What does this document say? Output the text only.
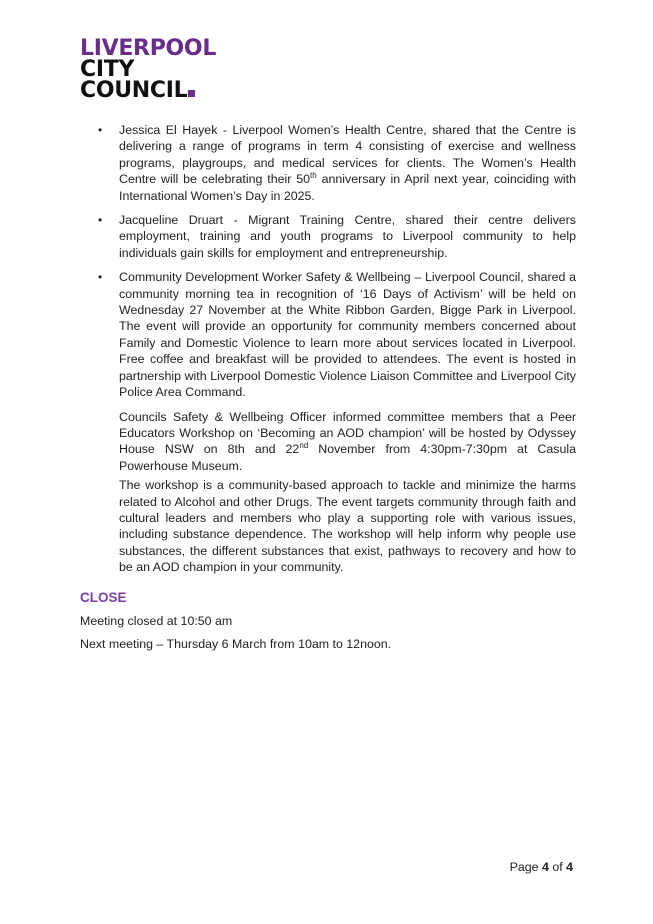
LIVERPOOL
CITY
COUNCIL
• Jessica El Hayek - Liverpool Women’s Health Centre, shared that the Centre is delivering a range of programs in term 4 consisting of exercise and wellness programs, playgroups, and medical services for clients. The Women’s Health Centre will be celebrating their 50th anniversary in April next year, coinciding with International Women’s Day in 2025.
• Jacqueline Druart - Migrant Training Centre, shared their centre delivers employment, training and youth programs to Liverpool community to help individuals gain skills for employment and entrepreneurship.
• Community Development Worker Safety & Wellbeing – Liverpool Council, shared a community morning tea in recognition of ‘16 Days of Activism’ will be held on Wednesday 27 November at the White Ribbon Garden, Bigge Park in Liverpool. The event will provide an opportunity for community members concerned about Family and Domestic Violence to learn more about services located in Liverpool. Free coffee and breakfast will be provided to attendees. The event is hosted in partnership with Liverpool Domestic Violence Liaison Committee and Liverpool City Police Area Command.

Councils Safety & Wellbeing Officer informed committee members that a Peer Educators Workshop on ‘Becoming an AOD champion’ will be hosted by Odyssey House NSW on 8th and 22nd November from 4:30pm-7:30pm at Casula Powerhouse Museum.

The workshop is a community-based approach to tackle and minimize the harms related to Alcohol and other Drugs. The event targets community through faith and cultural leaders and members who play a supporting role with various issues, including substance dependence. The workshop will help inform why people use substances, the different substances that exist, pathways to recovery and how to be an AOD champion in your community.

CLOSE
Meeting closed at 10:50 am
Next meeting – Thursday 6 March from 10am to 12noon.
Page 4 of 4
